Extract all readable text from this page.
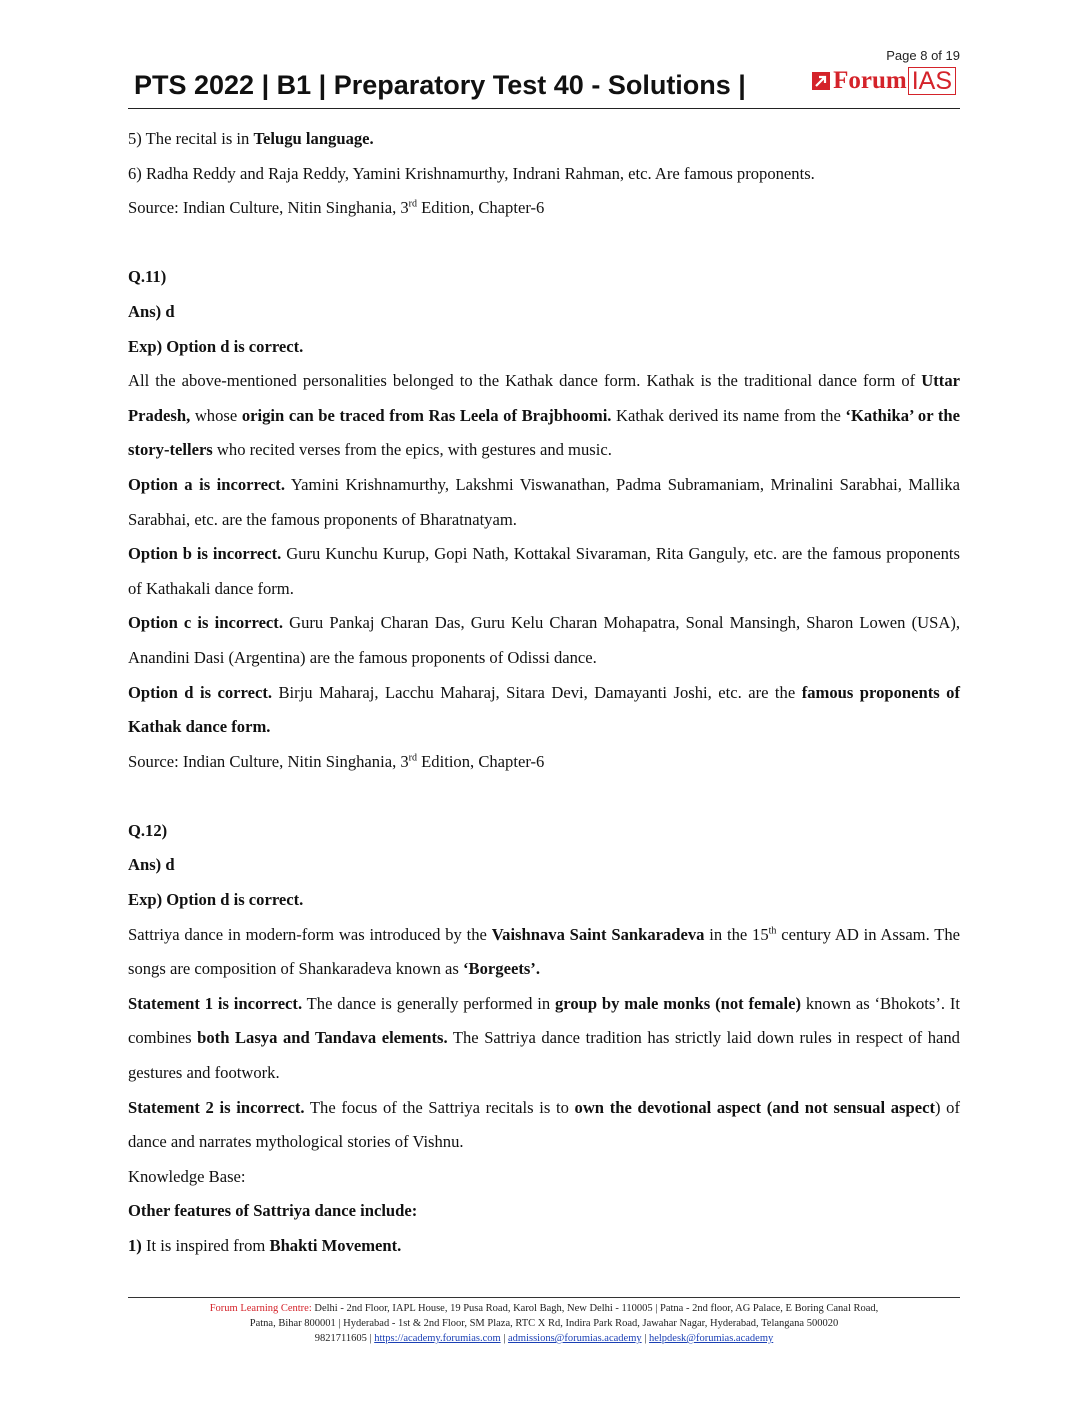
Page 8 of 19
PTS 2022 | B1 | Preparatory Test 40 - Solutions |	Forum IAS

5) The recital is in Telugu language.

6) Radha Reddy and Raja Reddy, Yamini Krishnamurthy, Indrani Rahman, etc. Are famous proponents.

Source: Indian Culture, Nitin Singhania, 3rd Edition, Chapter-6

Q.11)

Ans) d

Exp) Option d is correct.

All the above-mentioned personalities belonged to the Kathak dance form. Kathak is the traditional dance form of Uttar Pradesh, whose origin can be traced from Ras Leela of Brajbhoomi. Kathak derived its name from the ‘Kathika’ or the story-tellers who recited verses from the epics, with gestures and music.

Option a is incorrect. Yamini Krishnamurthy, Lakshmi Viswanathan, Padma Subramaniam, Mrinalini Sarabhai, Mallika Sarabhai, etc. are the famous proponents of Bharatnatyam.

Option b is incorrect. Guru Kunchu Kurup, Gopi Nath, Kottakal Sivaraman, Rita Ganguly, etc. are the famous proponents of Kathakali dance form.

Option c is incorrect. Guru Pankaj Charan Das, Guru Kelu Charan Mohapatra, Sonal Mansingh, Sharon Lowen (USA), Anandini Dasi (Argentina) are the famous proponents of Odissi dance.

Option d is correct. Birju Maharaj, Lacchu Maharaj, Sitara Devi, Damayanti Joshi, etc. are the famous proponents of Kathak dance form.

Source: Indian Culture, Nitin Singhania, 3rd Edition, Chapter-6

Q.12)

Ans) d

Exp) Option d is correct.

Sattriya dance in modern-form was introduced by the Vaishnava Saint Sankaradeva in the 15th century AD in Assam. The songs are composition of Shankaradeva known as ‘Borgeets’.

Statement 1 is incorrect. The dance is generally performed in group by male monks (not female) known as ‘Bhokots’. It combines both Lasya and Tandava elements. The Sattriya dance tradition has strictly laid down rules in respect of hand gestures and footwork.

Statement 2 is incorrect. The focus of the Sattriya recitals is to own the devotional aspect (and not sensual aspect) of dance and narrates mythological stories of Vishnu.

Knowledge Base:

Other features of Sattriya dance include:

1) It is inspired from Bhakti Movement.

Forum Learning Centre: Delhi - 2nd Floor, IAPL House, 19 Pusa Road, Karol Bagh, New Delhi - 110005 | Patna - 2nd floor, AG Palace, E Boring Canal Road,
Patna, Bihar 800001 | Hyderabad - 1st & 2nd Floor, SM Plaza, RTC X Rd, Indira Park Road, Jawahar Nagar, Hyderabad, Telangana 500020
9821711605 | https://academy.forumias.com | admissions@forumias.academy | helpdesk@forumias.academy
